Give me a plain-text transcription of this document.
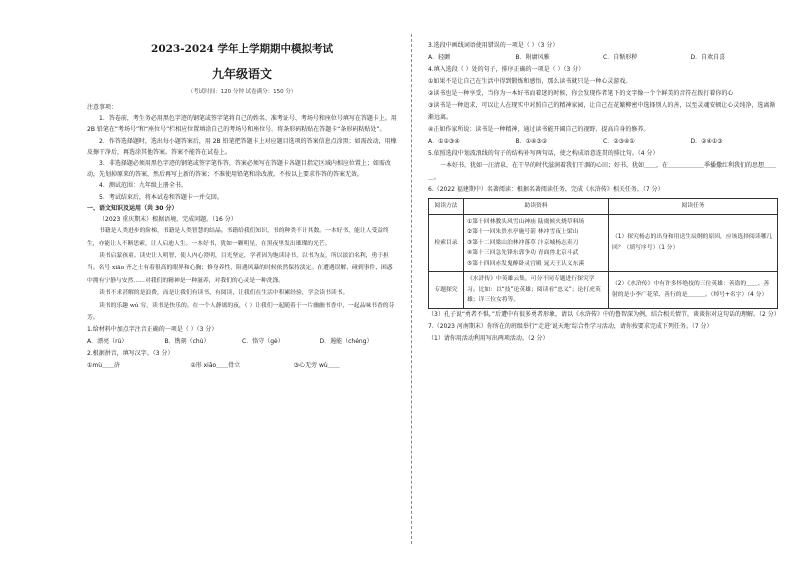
2023-2024 学年上学期期中模拟考试
九年级语文
（考试时间：120 分钟 试卷满分：150 分）

注意事项：

1．答卷前，考生务必用黑色字迹的钢笔或签字笔将自己的姓名、准考证号、考场号和座位号填写在答题卡上。用 2B 铅笔在“考场号”和“座位号”栏相应位置填涂自己的考场号和座位号。将条形码粘贴在答题卡“条形码粘贴处”。

2．作答选择题时，选出每小题答案后，用 2B 铅笔把答题卡上对应题目选项的答案信息点涂黑；如需改动，用橡皮擦干净后，再选涂其他答案。答案不能答在试卷上。

3．非选择题必须用黑色字迹的钢笔或签字笔作答，答案必须写在答题卡各题目指定区域内相应位置上；如需改动，先划掉原来的答案，然后再写上新的答案；不准使用铅笔和涂改液。不按以上要求作答的答案无效。

4．测试范围：九年级上册全书。

5．考试结束后，将本试卷和答题卡一并交回。

一、语文知识及运用（共 30 分）

（2023 重庆期末）根据语境，完成问题。（16 分）

书籍是人类进步的阶梯，书籍是人类智慧的结晶。书籍给我们知识，书的种类不计其数。一本好书，能让人受益终生，亦能让人不断思索，让人启迪人生。一本好书，犹如一颗明星，在黑夜里发出璀璨的光芒。

读书启蒙孩童。读史让人明智，使人内心澄明，目光坚定，学者因为饱读诗书，以书为友，所以淡泊名利，勇于担当。名号 xiāo 齐之士有着很高的眼界和心胸；修身养性，阻遇风暴的时候依然保持淡定。在遭遇误解、碰到事件、困惑中拥有宁静与安然……对我们的精神是一种滋养，对我们的心灵是一种洗涤。

读书不求甚解的是浪费，而是让我们有读书、有阅读，让我们在生活中积累经验，学会读书读书。

读书的乐趣 wú 穷，读书是快乐的。在一个人静谧的夜，（ ）让我们一起随着于一片幽幽书香中，一起品味书香的芬芳。

1.给材料中加点字注音正确的一项是（ ）（3 分）

A．漂亮（rú）	B．镌刻（chù）	C．恪守（gè）	D．遏能（chéng）

2.根据拼音，填写汉字。（3 分）

①mù＿＿济	②形 xiāo＿＿骨立	③心无旁 wù＿＿

3.选段中画线词语使用错误的一项是（ ）（3 分）

A．轻颤	B．附庸风雅	C．自惭形秽	D．自欢自喜

4.填入选段（ ）处的句子，排序正确的一项是（ ）（3 分）

①如果不是让自己在生活中得到锻炼和感悟，那么读书就只是一种心灵游戏。

②读书也是一种享受，当你为一本好书而着迷的时候，你会发现作者笔下的文字像一个个鲜美的音符在拨打着你的心

③读书是一种追求，可以让人在现实中对照自己的精神家园，让自己在花繁柳密中选择别人的善，以至灵魂安顿让心灵纯净，选离渐渐远离。

④正如作家所说：读书是一种精神，通过读书能开阔自己的视野、提高自身的修养。

A．①②③④	B．①④③②	C．②③④①	D．②④①③

5.依照选段中划波浪线的句子的结构补写两句话，使之构成语意连贯的排比句。（4 分）

一本好书，犹如一汪清泉，在干旱的时代滋润着我们干涸的心田；好书，犹如＿＿，在＿＿＿＿＿＿季播撒红利我们的思想＿＿＿。

6.（2022 福建期中）名著阅读：根据名著阅读任务，完成《水浒传》相关任务。（7 分）

阅读方法	助读资料	阅读任务
检索目录	①第十回林教头风雪山神庙 陆虞候火烧草料场
②第十一回朱贵水亭施号箭 林冲雪夜上梁山
③第十二回梁山泊林冲落草 汴京城杨志卖刀
④第十三回急先锋东郭争功 青面兽北京斗武
⑤第十四回赤发鬼醉卧灵官殿 晁天王认义东溪	（1）探究杨志的出身和用送生辰纲的原因，应该选择阅读哪几回？（填写序号）（1 分）
专题探究	《水浒传》中英雄云集，可分不同专题进行探究学习。比如：以“技”论英雄；阅读看“忠义”；论打虎英雄；详三位女将等。	（2）《水浒传》中有许多怀绝技的三位英雄：善盗的＿＿、善射的是小李广花荣、善行的是＿＿＿。（绰号+名字）（4 分）

（3）孔子说“勇者不惧，”后遭中有很多勇者形象，请以《水浒传》中的鲁智深为例，结合相关情节，谈谈你对这句话的理解。（2 分）

7.（2023 河南期末）你所在的班级举行“走进‘说天地’综合性学习活动，请你按要求完成下列任务。（7 分）

（1）请你用活动利用写出两项活动。（2 分）
